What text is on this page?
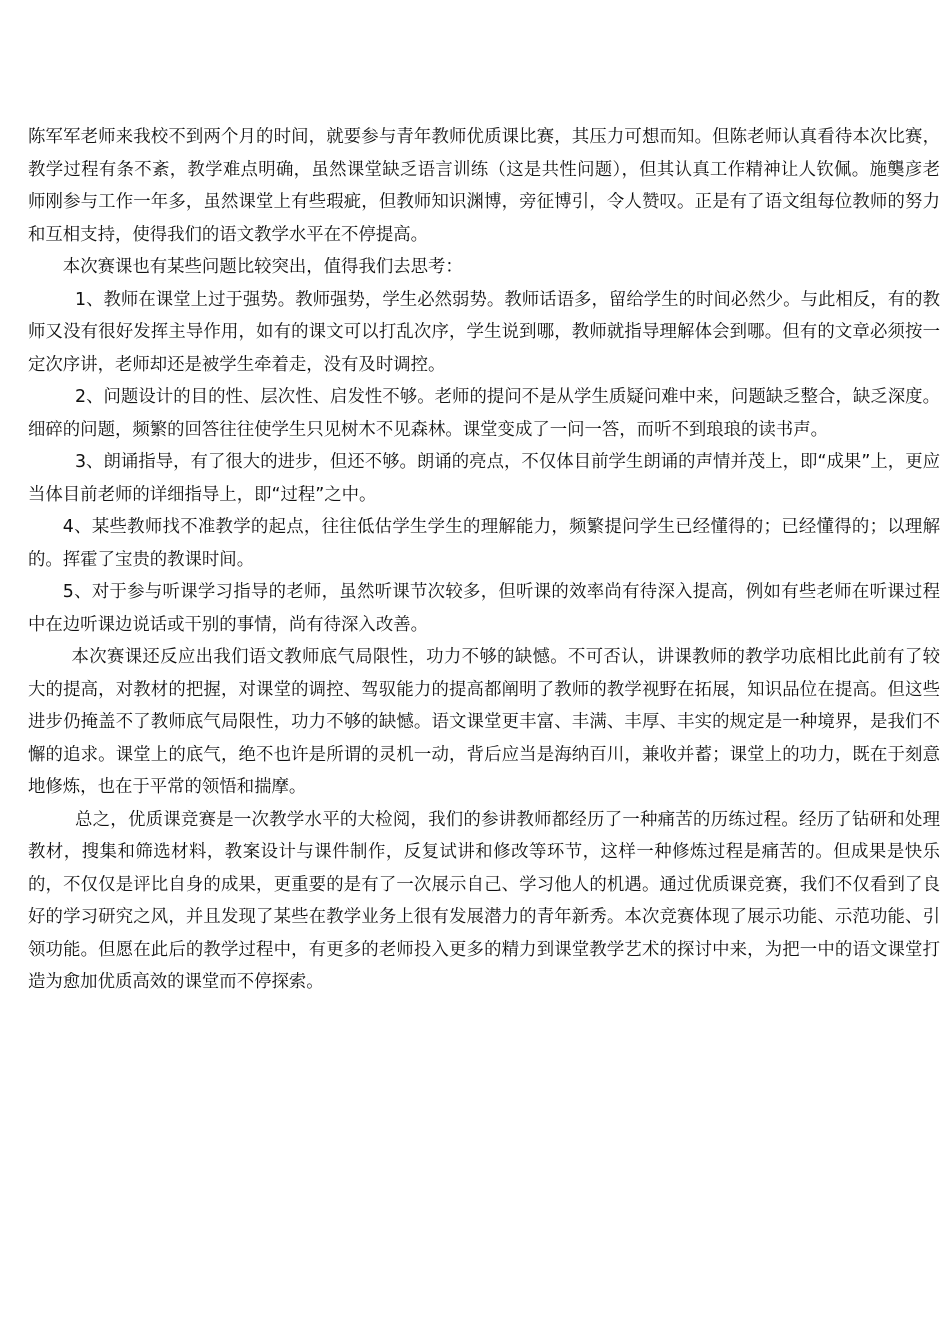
陈军军老师来我校不到两个月的时间，就要参与青年教师优质课比赛，其压力可想而知。但陈老师认真看待本次比赛，教学过程有条不紊，教学难点明确，虽然课堂缺乏语言训练（这是共性问题），但其认真工作精神让人钦佩。施龑彦老师刚参与工作一年多，虽然课堂上有些瑕疵，但教师知识渊博，旁征博引，令人赞叹。正是有了语文组每位教师的努力和互相支持，使得我们的语文教学水平在不停提高。

本次赛课也有某些问题比较突出，值得我们去思考：

1、教师在课堂上过于强势。教师强势，学生必然弱势。教师话语多，留给学生的时间必然少。与此相反，有的教师又没有很好发挥主导作用，如有的课文可以打乱次序，学生说到哪，教师就指导理解体会到哪。但有的文章必须按一定次序讲，老师却还是被学生牵着走，没有及时调控。

2、问题设计的目的性、层次性、启发性不够。老师的提问不是从学生质疑问难中来，问题缺乏整合，缺乏深度。细碎的问题，频繁的回答往往使学生只见树木不见森林。课堂变成了一问一答，而听不到琅琅的读书声。

3、朗诵指导，有了很大的进步，但还不够。朗诵的亮点，不仅体目前学生朗诵的声情并茂上，即“成果”上，更应当体目前老师的详细指导上，即“过程”之中。

4、某些教师找不准教学的起点，往往低估学生学生的理解能力，频繁提问学生已经懂得的；已经懂得的；以理解的。挥霍了宝贵的教课时间。

5、对于参与听课学习指导的老师，虽然听课节次较多，但听课的效率尚有待深入提高，例如有些老师在听课过程中在边听课边说话或干别的事情，尚有待深入改善。

本次赛课还反应出我们语文教师底气局限性，功力不够的缺憾。不可否认，讲课教师的教学功底相比此前有了较大的提高，对教材的把握，对课堂的调控、驾驭能力的提高都阐明了教师的教学视野在拓展，知识品位在提高。但这些进步仍掩盖不了教师底气局限性，功力不够的缺憾。语文课堂更丰富、丰满、丰厚、丰实的规定是一种境界，是我们不懈的追求。课堂上的底气，绝不也许是所谓的灵机一动，背后应当是海纳百川，兼收并蓄；课堂上的功力，既在于刻意地修炼，也在于平常的领悟和揣摩。

总之，优质课竞赛是一次教学水平的大检阅，我们的参讲教师都经历了一种痛苦的历练过程。经历了钻研和处理教材，搜集和筛选材料，教案设计与课件制作，反复试讲和修改等环节，这样一种修炼过程是痛苦的。但成果是快乐的，不仅仅是评比自身的成果，更重要的是有了一次展示自己、学习他人的机遇。通过优质课竞赛，我们不仅看到了良好的学习研究之风，并且发现了某些在教学业务上很有发展潜力的青年新秀。本次竞赛体现了展示功能、示范功能、引领功能。但愿在此后的教学过程中，有更多的老师投入更多的精力到课堂教学艺术的探讨中来，为把一中的语文课堂打造为愈加优质高效的课堂而不停探索。
